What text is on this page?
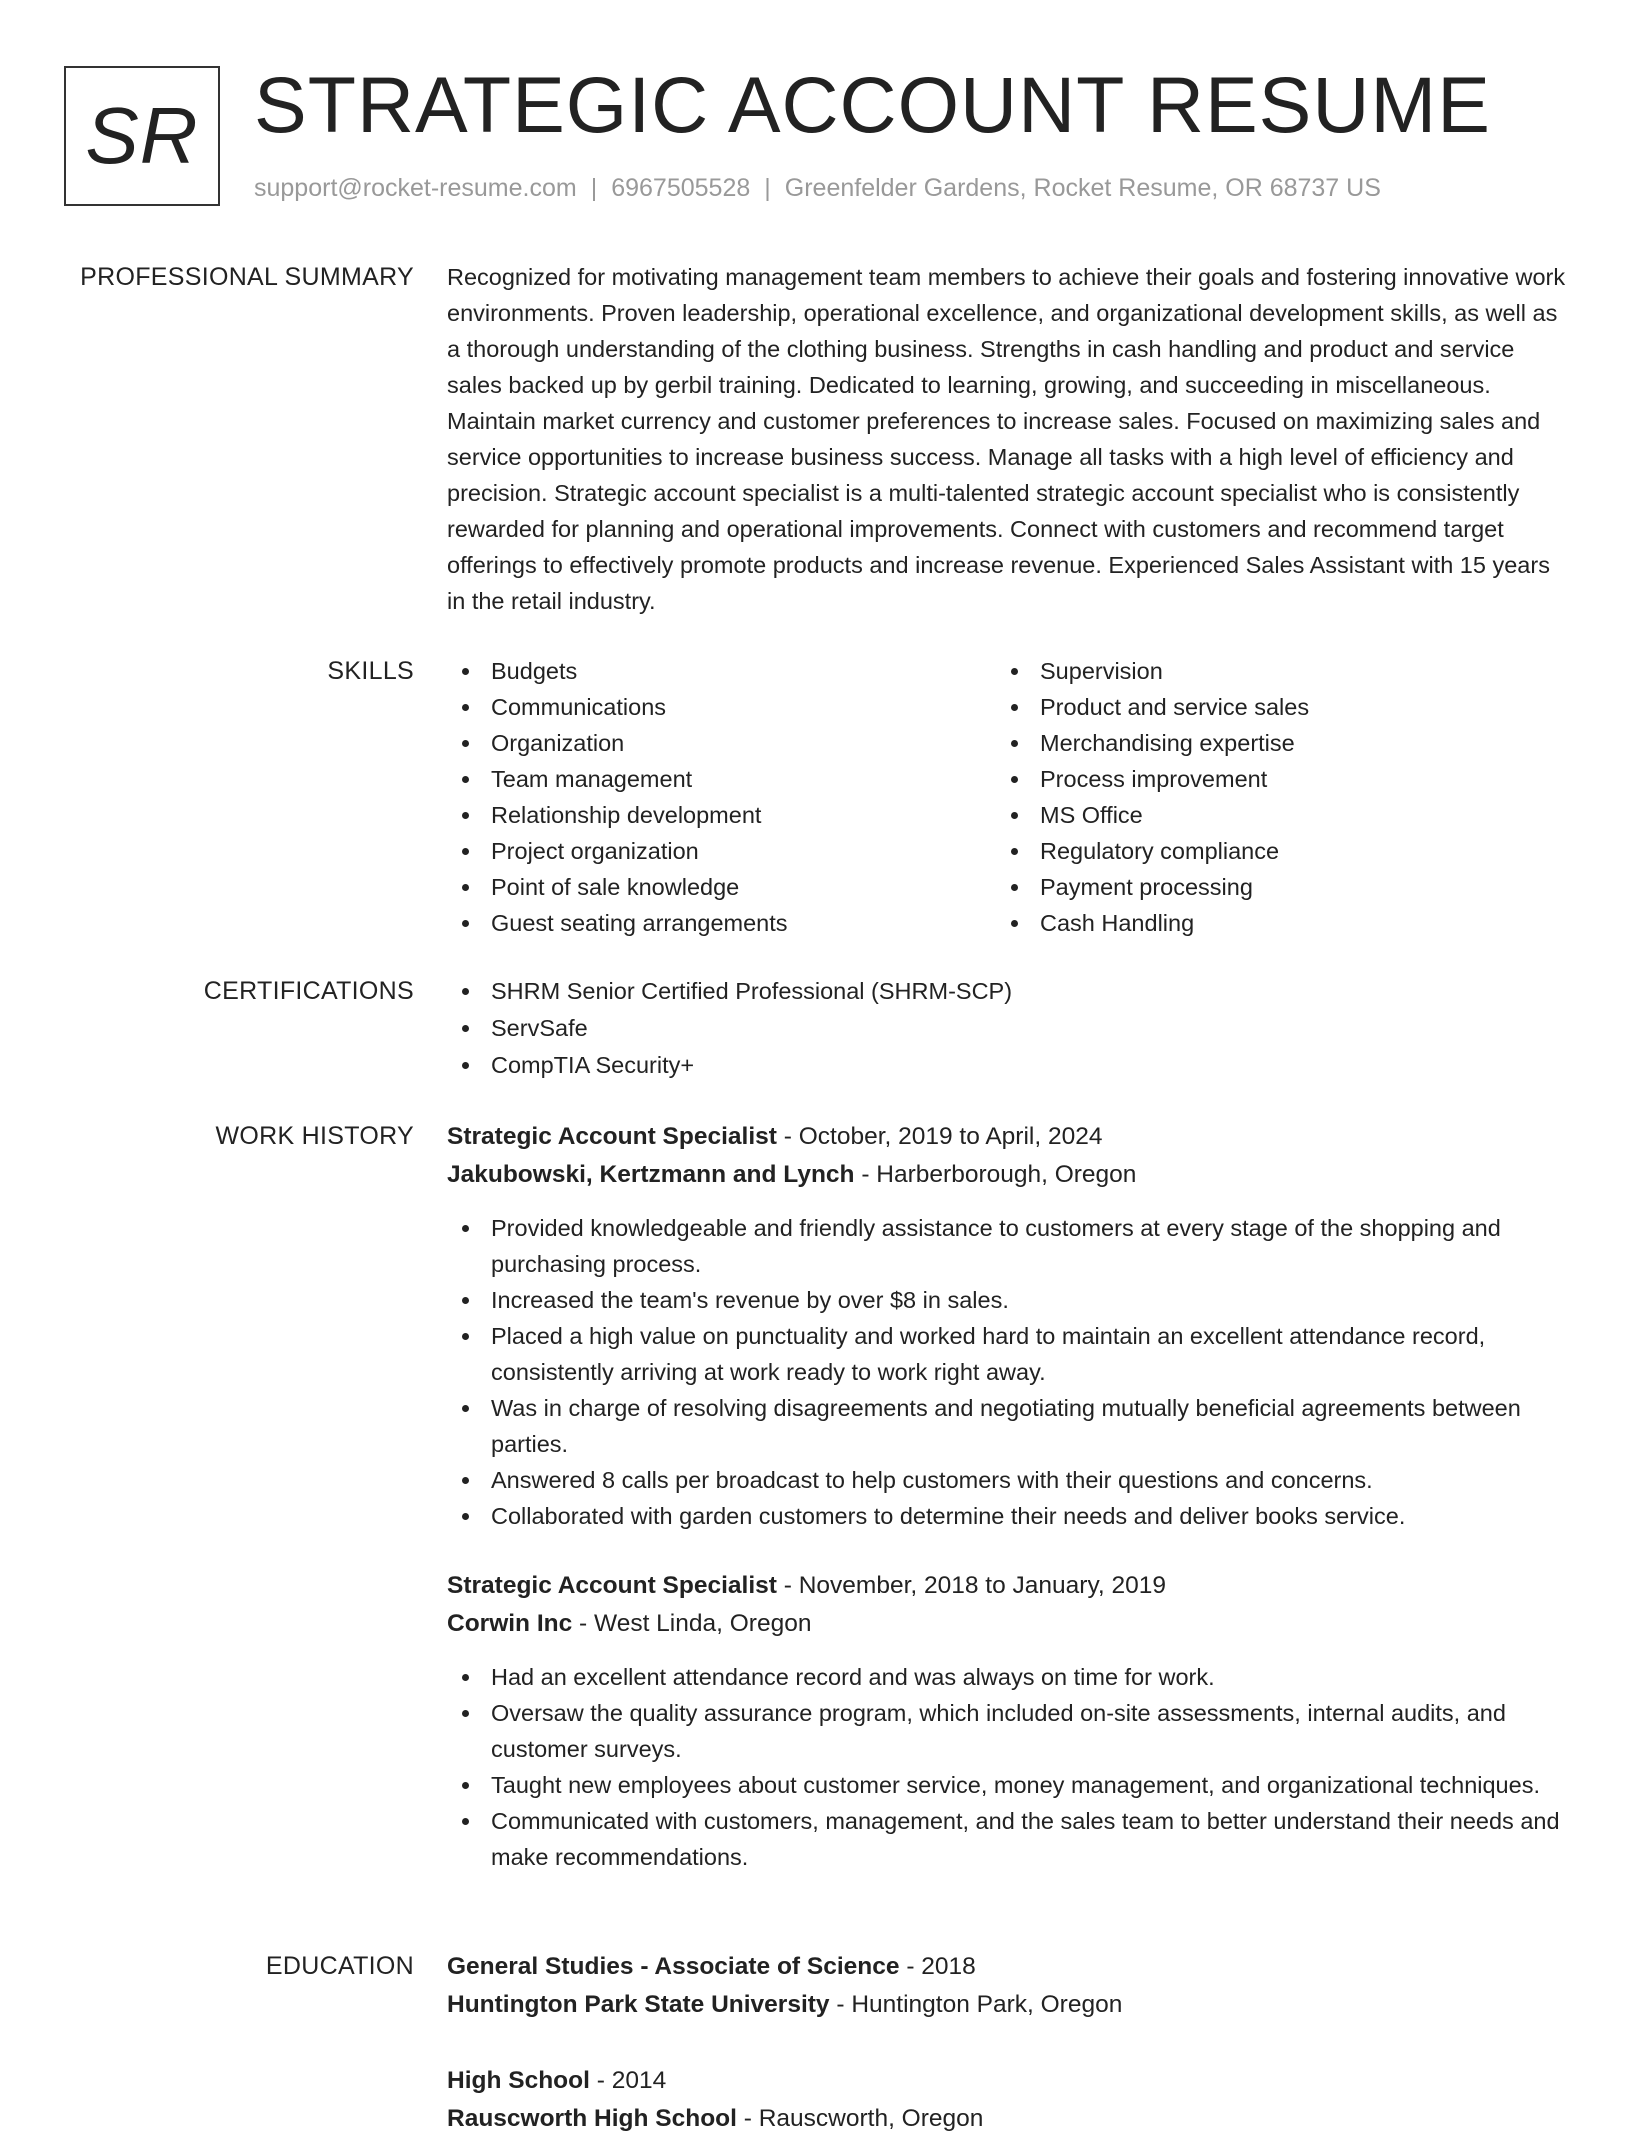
SR STRATEGIC ACCOUNT RESUME
support@rocket-resume.com | 6967505528 | Greenfelder Gardens, Rocket Resume, OR 68737 US
PROFESSIONAL SUMMARY Recognized for motivating management team members to achieve their goals and fostering innovative work environments. Proven leadership, operational excellence, and organizational development skills, as well as a thorough understanding of the clothing business. Strengths in cash handling and product and service sales backed up by gerbil training. Dedicated to learning, growing, and succeeding in miscellaneous. Maintain market currency and customer preferences to increase sales. Focused on maximizing sales and service opportunities to increase business success. Manage all tasks with a high level of efficiency and precision. Strategic account specialist is a multi-talented strategic account specialist who is consistently rewarded for planning and operational improvements. Connect with customers and recommend target offerings to effectively promote products and increase revenue. Experienced Sales Assistant with 15 years in the retail industry.

SKILLS	Budgets
Communications
Organization
Team management
Relationship development
Project organization
Point of sale knowledge
Guest seating arrangements
Supervision
Product and service sales
Merchandising expertise
Process improvement
MS Office
Regulatory compliance
Payment processing
Cash Handling
CERTIFICATIONS	SHRM Senior Certified Professional (SHRM-SCP)
ServSafe
CompTIA Security+
WORK HISTORY Strategic Account Specialist - October, 2019 to April, 2024
Jakubowski, Kertzmann and Lynch - Harberborough, Oregon
Provided knowledgeable and friendly assistance to customers at every stage of the shopping and purchasing process.
Increased the team's revenue by over $8 in sales.
Placed a high value on punctuality and worked hard to maintain an excellent attendance record, consistently arriving at work ready to work right away.
Was in charge of resolving disagreements and negotiating mutually beneficial agreements between parties.
Answered 8 calls per broadcast to help customers with their questions and concerns.
Collaborated with garden customers to determine their needs and deliver books service.
Strategic Account Specialist - November, 2018 to January, 2019
Corwin Inc - West Linda, Oregon
Had an excellent attendance record and was always on time for work.
Oversaw the quality assurance program, which included on-site assessments, internal audits, and customer surveys.
Taught new employees about customer service, money management, and organizational techniques.
Communicated with customers, management, and the sales team to better understand their needs and make recommendations.
EDUCATION General Studies - Associate of Science - 2018
Huntington Park State University - Huntington Park, Oregon
High School - 2014
Rauscworth High School - Rauscworth, Oregon
